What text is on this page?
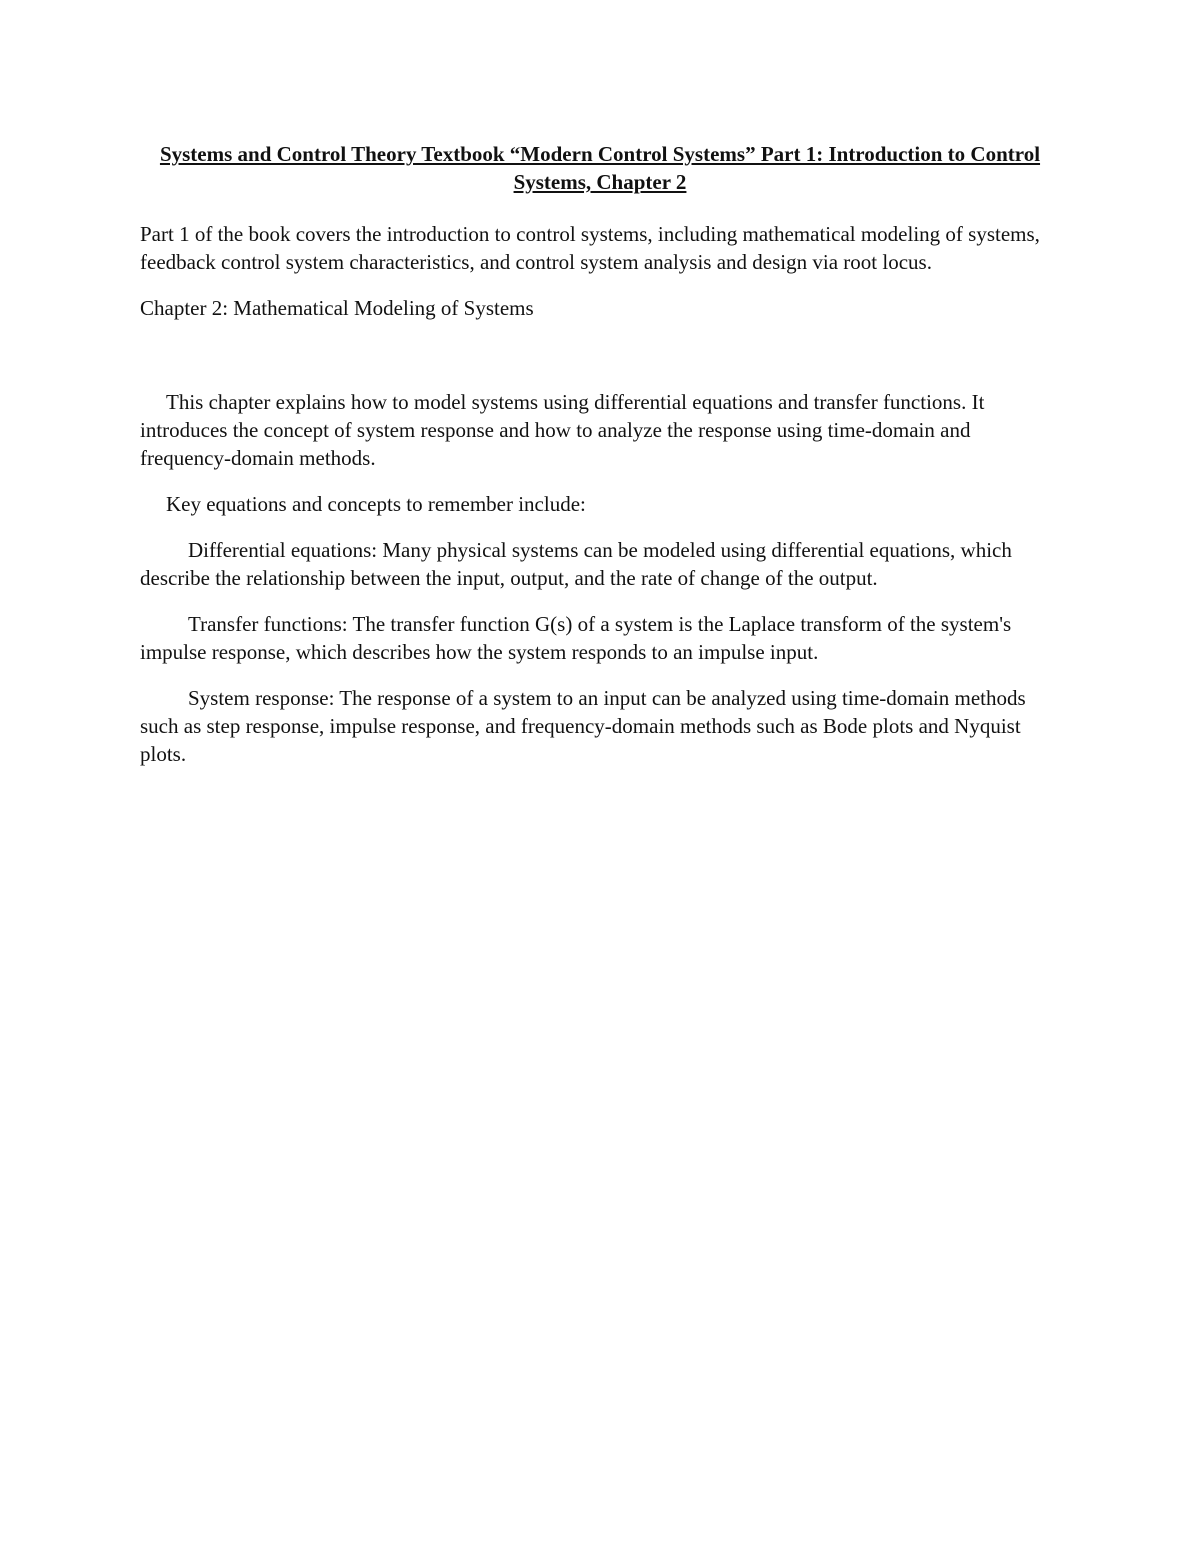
Systems and Control Theory Textbook “Modern Control Systems” Part 1: Introduction to Control Systems, Chapter 2

Part 1 of the book covers the introduction to control systems, including mathematical modeling of systems, feedback control system characteristics, and control system analysis and design via root locus.

Chapter 2: Mathematical Modeling of Systems

This chapter explains how to model systems using differential equations and transfer functions. It introduces the concept of system response and how to analyze the response using time-domain and frequency-domain methods.

Key equations and concepts to remember include:

Differential equations: Many physical systems can be modeled using differential equations, which describe the relationship between the input, output, and the rate of change of the output.

Transfer functions: The transfer function G(s) of a system is the Laplace transform of the system's impulse response, which describes how the system responds to an impulse input.

System response: The response of a system to an input can be analyzed using time-domain methods such as step response, impulse response, and frequency-domain methods such as Bode plots and Nyquist plots.
